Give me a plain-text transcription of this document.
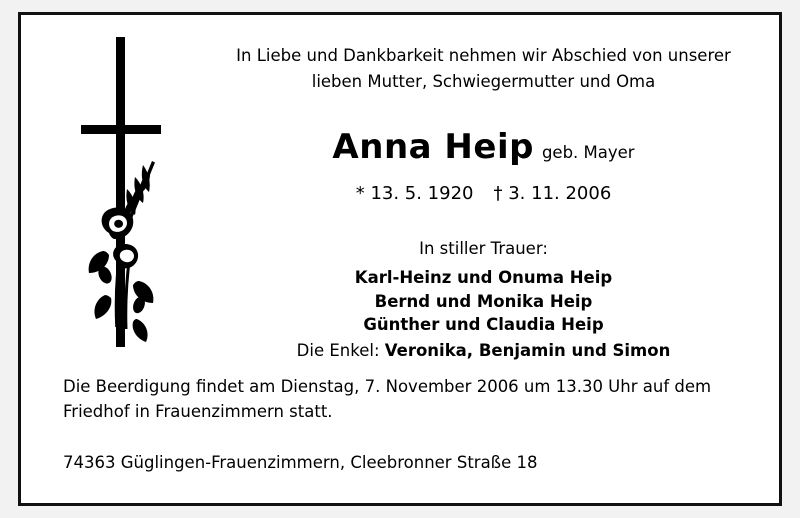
In Liebe und Dankbarkeit nehmen wir Abschied von unserer
lieben Mutter, Schwiegermutter und Oma
Anna Heip geb. Mayer
* 13. 5. 1920 † 3. 11. 2006
In stiller Trauer:
Karl-Heinz und Onuma Heip
Bernd und Monika Heip
Günther und Claudia Heip
Die Enkel: Veronika, Benjamin und Simon
Die Beerdigung findet am Dienstag, 7. November 2006 um 13.30 Uhr auf dem Friedhof in Frauenzimmern statt.
74363 Güglingen-Frauenzimmern, Cleebronner Straße 18
